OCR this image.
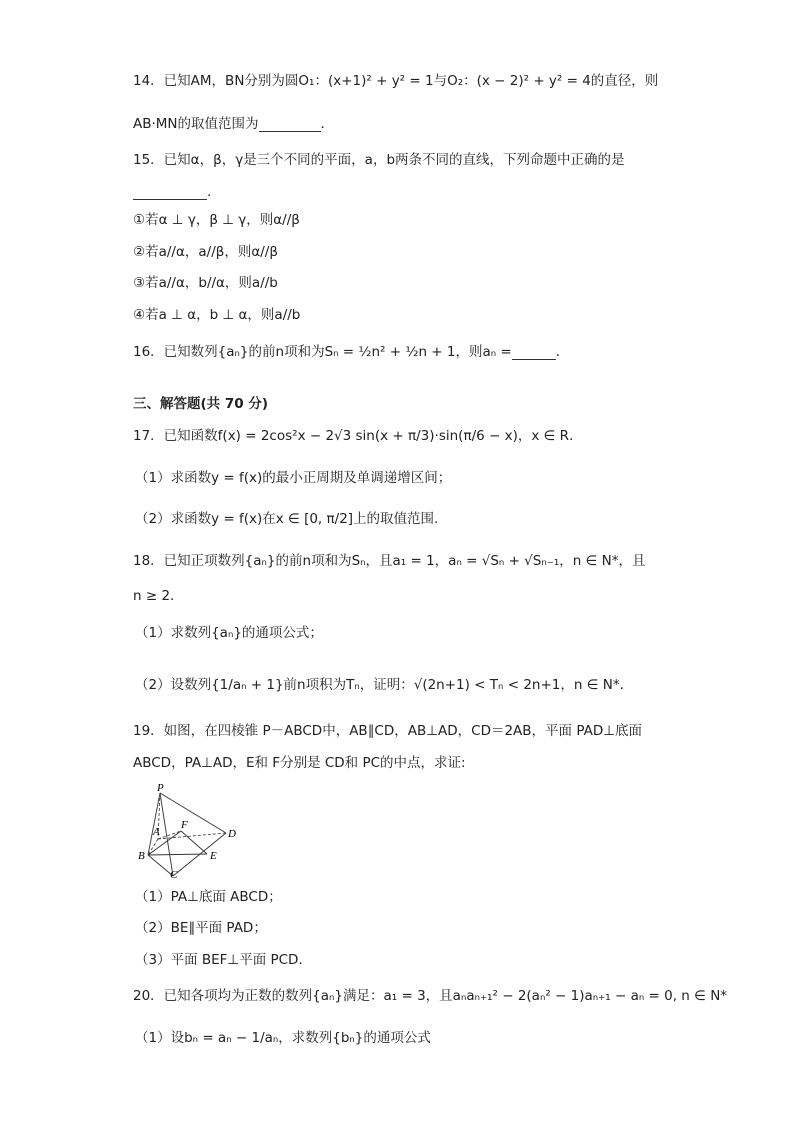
14．已知AM，BN分别为圆O₁：(x+1)² + y² = 1与O₂：(x − 2)² + y² = 4的直径，则
AB·MN的取值范围为	．
15．已知α，β，γ是三个不同的平面，a，b两条不同的直线，下列命题中正确的是
.
①若α ⊥ γ，β ⊥ γ，则α//β
②若a//α，a//β，则α//β
③若a//α，b//α，则a//b
④若a ⊥ α，b ⊥ α，则a//b
16．已知数列{aₙ}的前n项和为Sₙ = ½n² + ½n + 1，则aₙ =	．
三、解答题(共 70 分)
17．已知函数f(x) = 2cos²x − 2√3 sin(x + π/3)·sin(π/6 − x)，x ∈ R．
（1）求函数y = f(x)的最小正周期及单调递增区间；
（2）求函数y = f(x)在x ∈ [0, π/2]上的取值范围.
18．已知正项数列{aₙ}的前n项和为Sₙ，且a₁ = 1，aₙ = √Sₙ + √Sₙ₋₁，n ∈ N*，且
n ≥ 2．
（1）求数列{aₙ}的通项公式；
（2）设数列{1/aₙ + 1}前n项积为Tₙ，证明：√(2n+1) < Tₙ < 2n+1，n ∈ N*．
19．如图，在四棱锥 P－ABCD中，AB∥CD，AB⊥AD，CD＝2AB，平面 PAD⊥底面
ABCD，PA⊥AD，E和 F分别是 CD和 PC的中点，求证:
P
A
F
D
B	E
C
（1）PA⊥底面 ABCD；
（2）BE∥平面 PAD；
（3）平面 BEF⊥平面 PCD.
20．已知各项均为正数的数列{aₙ}满足：a₁ = 3，且aₙaₙ₊₁² − 2(aₙ² − 1)aₙ₊₁ − aₙ = 0, n ∈ N*
（1）设bₙ = aₙ − 1/aₙ，求数列{bₙ}的通项公式
